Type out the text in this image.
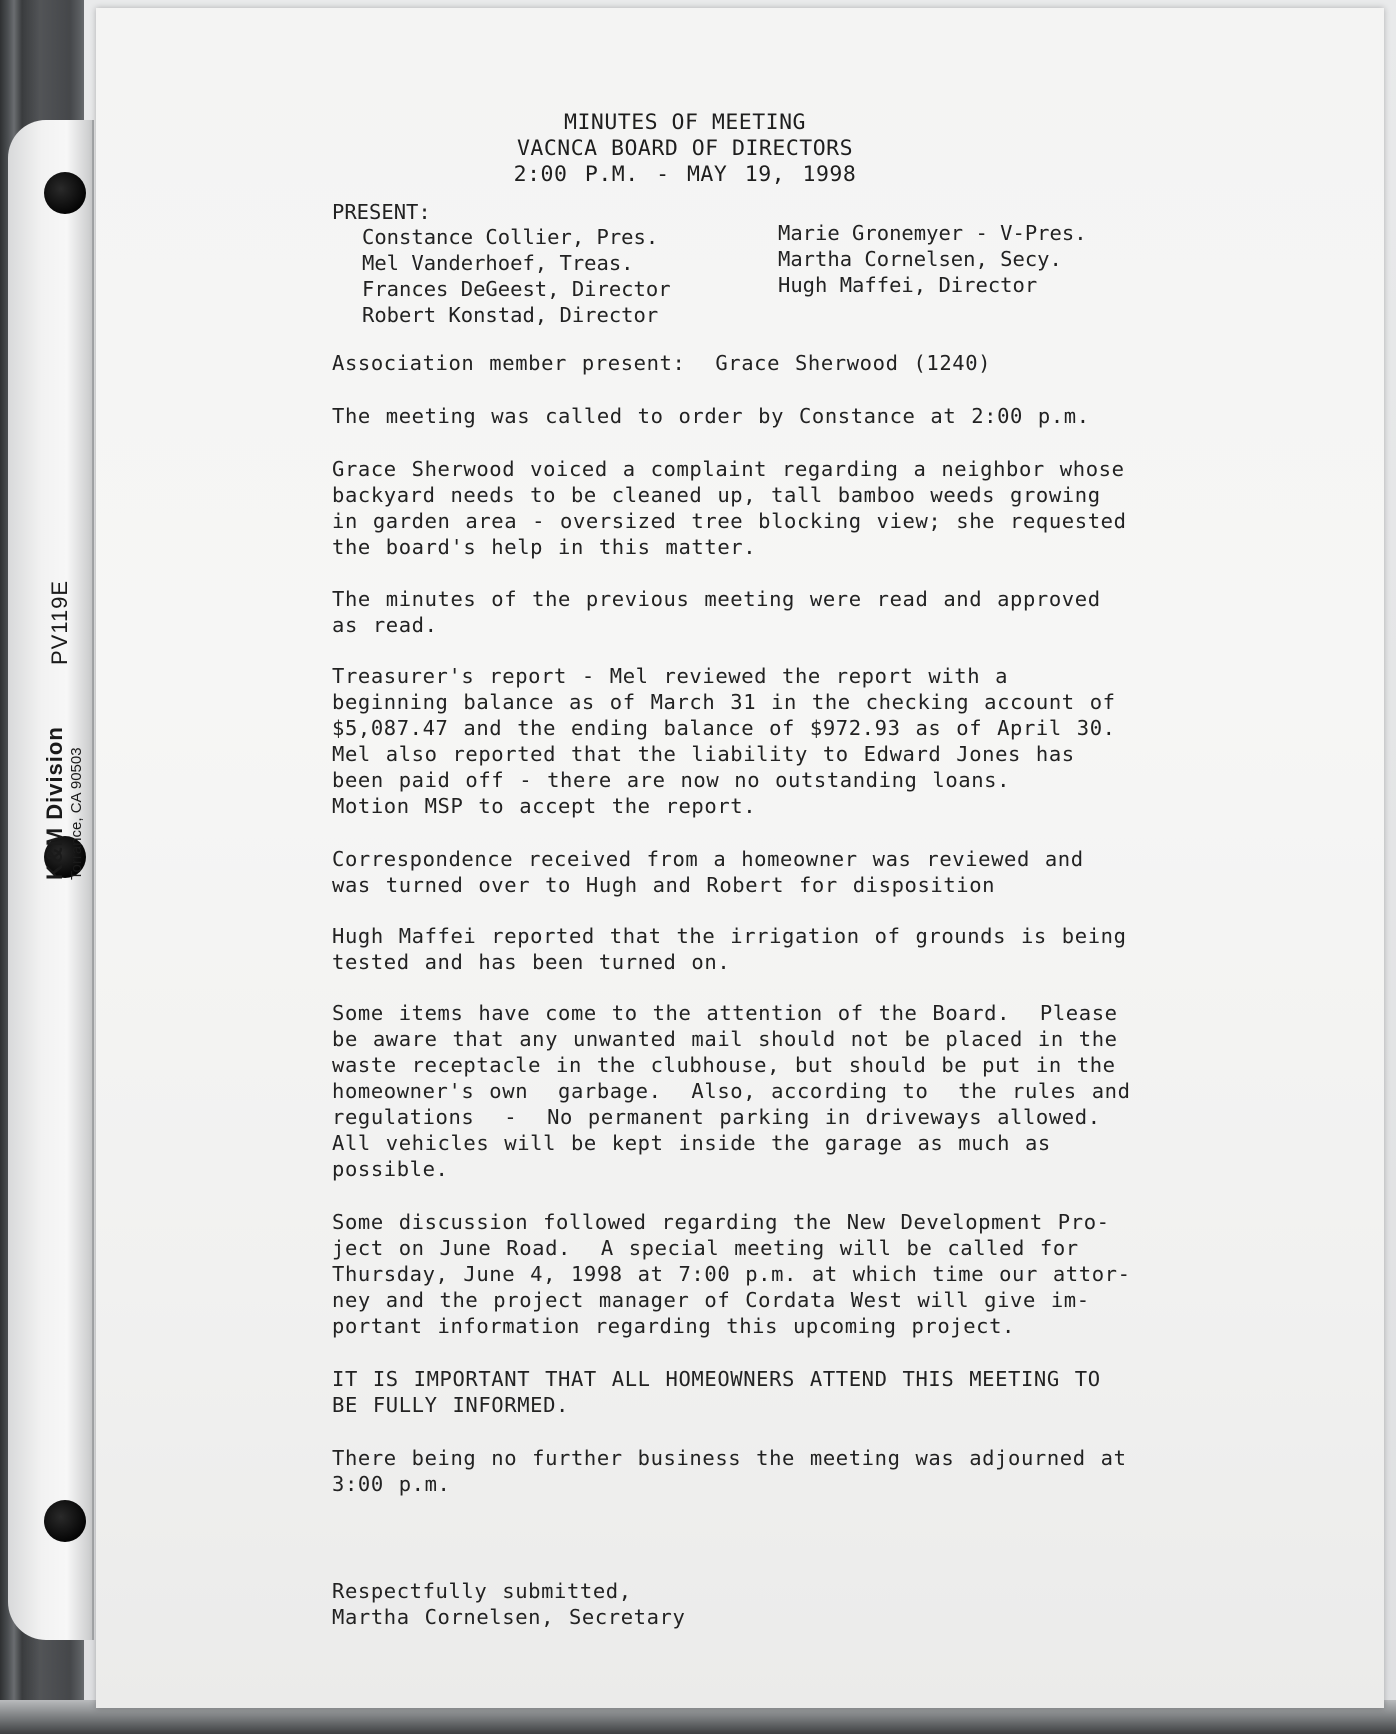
PV119E
K&M Division Torrance, CA 90503
MINUTES OF MEETING
VACNCA BOARD OF DIRECTORS
2:00 P.M. - MAY 19, 1998
PRESENT:
Constance Collier, Pres.
Mel Vanderhoef, Treas.
Frances DeGeest, Director
Robert Konstad, Director
Marie Gronemyer - V-Pres.
Martha Cornelsen, Secy.
Hugh Maffei, Director
Association member present:  Grace Sherwood (1240)
The meeting was called to order by Constance at 2:00 p.m.
Grace Sherwood voiced a complaint regarding a neighbor whose
backyard needs to be cleaned up, tall bamboo weeds growing
in garden area - oversized tree blocking view; she requested
the board's help in this matter.
The minutes of the previous meeting were read and approved
as read.
Treasurer's report - Mel reviewed the report with a
beginning balance as of March 31 in the checking account of
$5,087.47 and the ending balance of $972.93 as of April 30.
Mel also reported that the liability to Edward Jones has
been paid off - there are now no outstanding loans.
Motion MSP to accept the report.
Correspondence received from a homeowner was reviewed and
was turned over to Hugh and Robert for disposition
Hugh Maffei reported that the irrigation of grounds is being
tested and has been turned on.
Some items have come to the attention of the Board.  Please
be aware that any unwanted mail should not be placed in the
waste receptacle in the clubhouse, but should be put in the
homeowner's own  garbage.  Also, according to  the rules and
regulations  -  No permanent parking in driveways allowed.
All vehicles will be kept inside the garage as much as
possible.
Some discussion followed regarding the New Development Pro-
ject on June Road.  A special meeting will be called for
Thursday, June 4, 1998 at 7:00 p.m. at which time our attor-
ney and the project manager of Cordata West will give im-
portant information regarding this upcoming project.
IT IS IMPORTANT THAT ALL HOMEOWNERS ATTEND THIS MEETING TO
BE FULLY INFORMED.
There being no further business the meeting was adjourned at
3:00 p.m.
Respectfully submitted,
Martha Cornelsen, Secretary
